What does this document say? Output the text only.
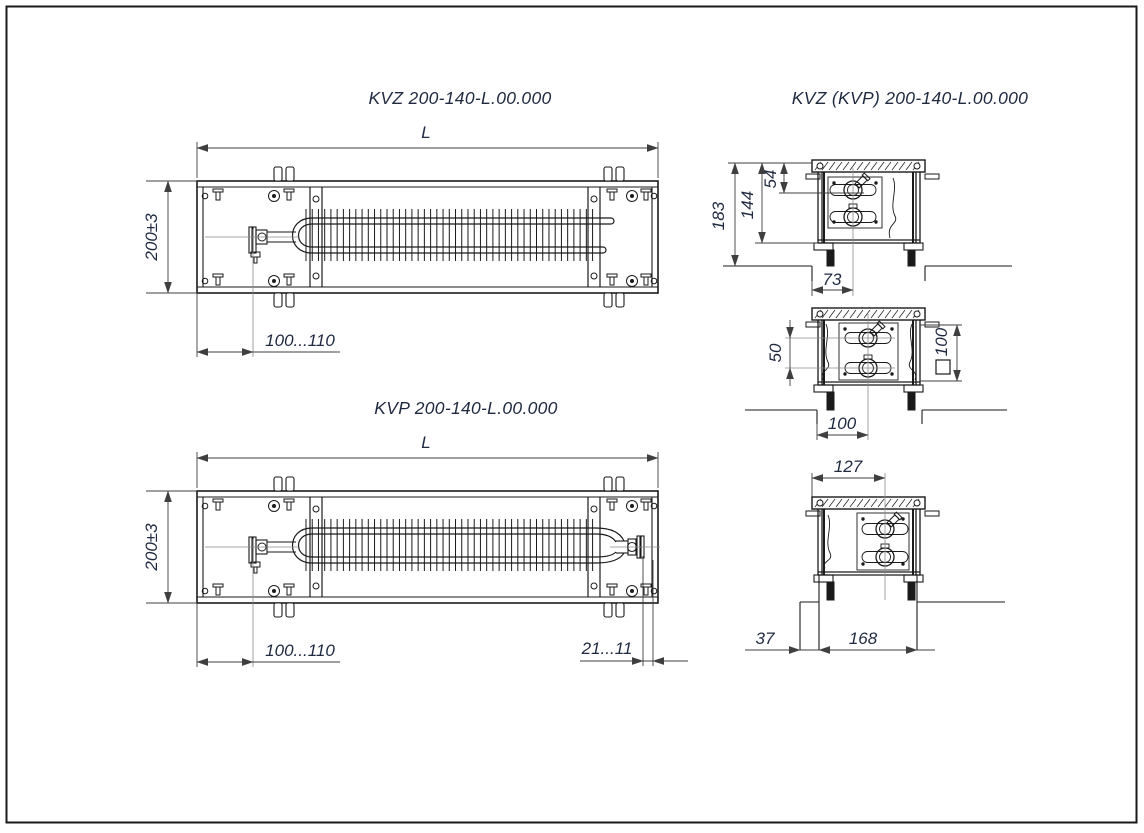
KVZ 200-140-L.00.000
L
200±3
100...110
KVP 200-140-L.00.000
L
200±3
100...110	21...11
KVZ (KVP) 200-140-L.00.000
183 144
54
73
50	100
100
127
37	168
